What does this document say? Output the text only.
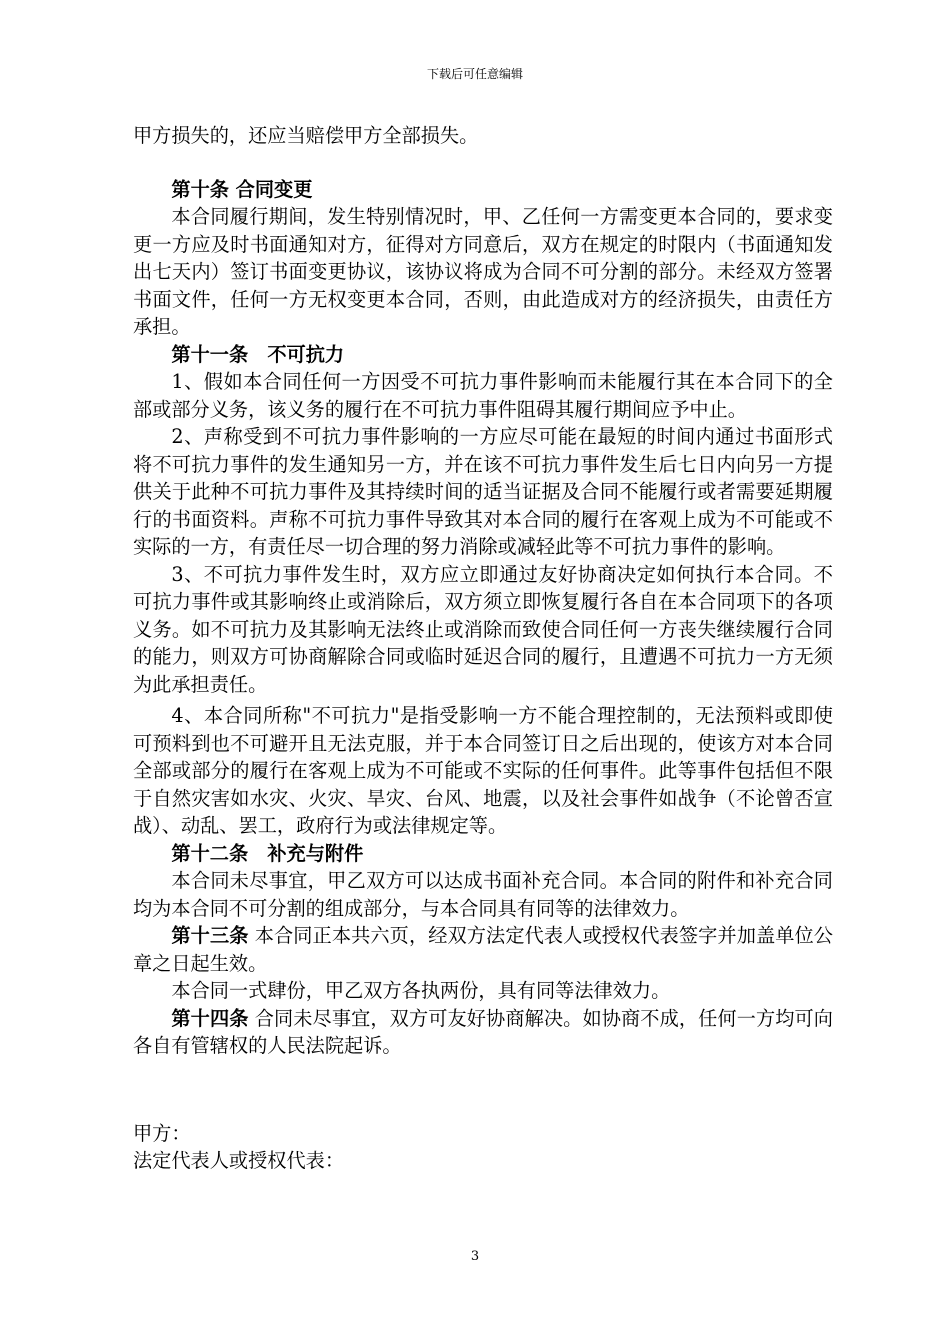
下载后可任意编辑

甲方损失的，还应当赔偿甲方全部损失。

第十条 合同变更

本合同履行期间，发生特别情况时，甲、乙任何一方需变更本合同的，要求变更一方应及时书面通知对方，征得对方同意后，双方在规定的时限内（书面通知发出七天内）签订书面变更协议，该协议将成为合同不可分割的部分。未经双方签署书面文件，任何一方无权变更本合同，否则，由此造成对方的经济损失，由责任方承担。

第十一条　不可抗力

1、假如本合同任何一方因受不可抗力事件影响而未能履行其在本合同下的全部或部分义务，该义务的履行在不可抗力事件阻碍其履行期间应予中止。

2、声称受到不可抗力事件影响的一方应尽可能在最短的时间内通过书面形式将不可抗力事件的发生通知另一方，并在该不可抗力事件发生后七日内向另一方提供关于此种不可抗力事件及其持续时间的适当证据及合同不能履行或者需要延期履行的书面资料。声称不可抗力事件导致其对本合同的履行在客观上成为不可能或不实际的一方，有责任尽一切合理的努力消除或减轻此等不可抗力事件的影响。

3、不可抗力事件发生时，双方应立即通过友好协商决定如何执行本合同。不可抗力事件或其影响终止或消除后，双方须立即恢复履行各自在本合同项下的各项义务。如不可抗力及其影响无法终止或消除而致使合同任何一方丧失继续履行合同的能力，则双方可协商解除合同或临时延迟合同的履行，且遭遇不可抗力一方无须为此承担责任。

4、本合同所称"不可抗力"是指受影响一方不能合理控制的，无法预料或即使可预料到也不可避开且无法克服，并于本合同签订日之后出现的，使该方对本合同全部或部分的履行在客观上成为不可能或不实际的任何事件。此等事件包括但不限于自然灾害如水灾、火灾、旱灾、台风、地震，以及社会事件如战争（不论曾否宣战）、动乱、罢工，政府行为或法律规定等。

第十二条　补充与附件

本合同未尽事宜，甲乙双方可以达成书面补充合同。本合同的附件和补充合同均为本合同不可分割的组成部分，与本合同具有同等的法律效力。

第十三条 本合同正本共六页，经双方法定代表人或授权代表签字并加盖单位公章之日起生效。

本合同一式肆份，甲乙双方各执两份，具有同等法律效力。

第十四条 合同未尽事宜，双方可友好协商解决。如协商不成，任何一方均可向各自有管辖权的人民法院起诉。

甲方：

法定代表人或授权代表：

3
